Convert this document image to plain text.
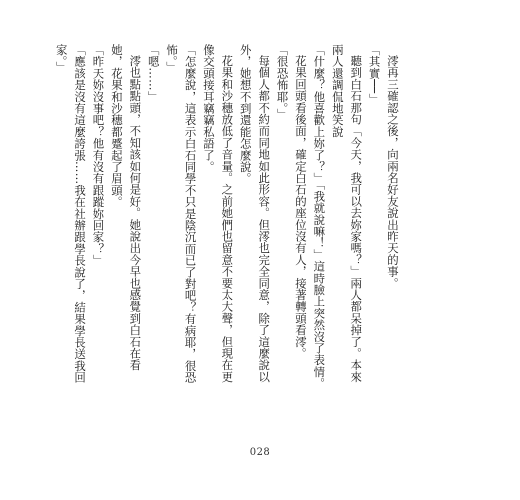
澪再三確認之後，向兩名好友說出昨天的事。

「其實──」

聽到白石那句「今天，我可以去妳家嗎？」兩人都呆掉了。本來兩人還調侃地笑說

「什麼？他喜歡上妳了？」「我就說嘛！」這時臉上突然沒了表情。

花果回頭看後面，確定白石的座位沒有人，接著轉頭看澪。

「很恐怖耶。」

每個人都不約而同地如此形容。但澪也完全同意，除了這麼說以外，她想不到還能怎麼說。

花果和沙穗放低了音量。之前她們也留意不要太大聲，但現在更像交頭接耳竊竊私語了。

「怎麼說，這表示白石同學不只是陰沉而已了對吧？有病耶，很恐怖。」

「嗯……」

澪也點點頭，不知該如何是好。她說出今早也感覺到白石在看她，花果和沙穗都蹙起了眉頭。

「昨天妳沒事吧？他有沒有跟蹤妳回家？」

「應該是沒有這麼誇張……我在社辦跟學長說了，結果學長送我回家。」

028
